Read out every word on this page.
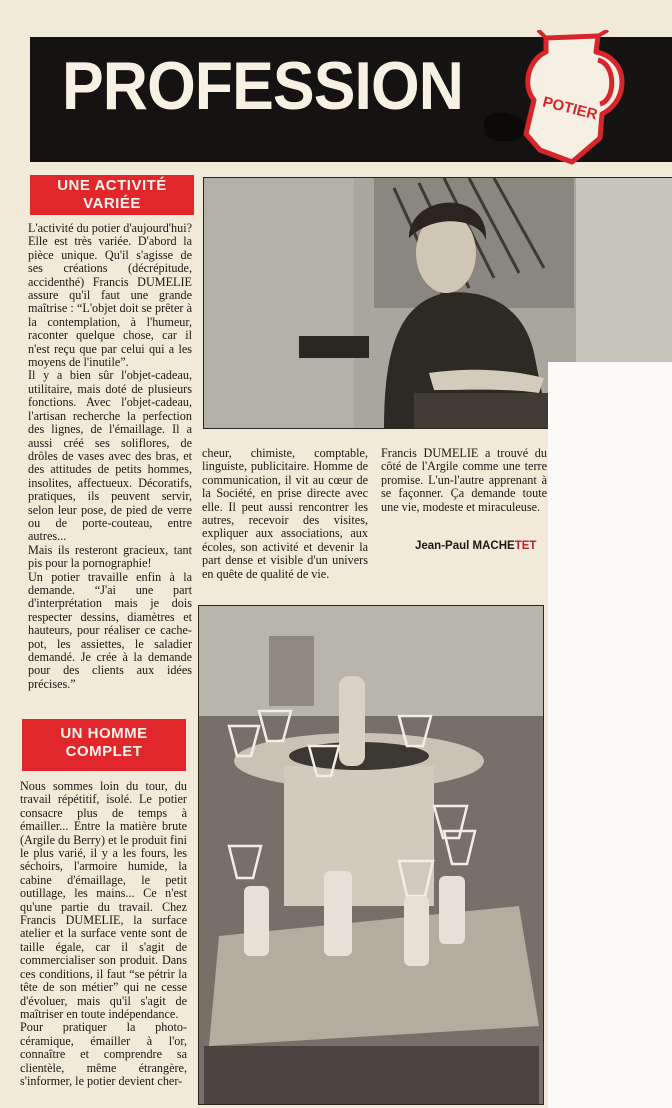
PROFESSION	POTIER
UNE ACTIVITÉ
VARIÉE

L'activité du potier d'aujourd'hui? Elle est très variée. D'abord la pièce unique. Qu'il s'agisse de ses créations (décrépitude, accidenthé) Francis DUMELIE assure qu'il faut une grande maîtrise : “L'objet doit se prêter à la contemplation, à l'humeur, raconter quelque chose, car il n'est reçu que par celui qui a les moyens de l'inutile”.

Il y a bien sûr l'objet-cadeau, utilitaire, mais doté de plusieurs fonctions. Avec l'objet-cadeau, l'artisan recherche la perfection des lignes, de l'émaillage. Il a aussi créé ses soliflores, de drôles de vases avec des bras, et des attitudes de petits hommes, insolites, affectueux. Décoratifs, pratiques, ils peuvent servir, selon leur pose, de pied de verre ou de porte-couteau, entre autres...

Mais ils resteront gracieux, tant pis pour la pornographie!

Un potier travaille enfin à la demande. “J'ai une part d'interprétation mais je dois respecter dessins, diamètres et hauteurs, pour réaliser ce cache-pot, les assiettes, le saladier demandé. Je crée à la demande pour des clients aux idées précises.”

UN HOMME
COMPLET

Nous sommes loin du tour, du travail répétitif, isolé. Le potier consacre plus de temps à émailler... Entre la matière brute (Argile du Berry) et le produit fini le plus varié, il y a les fours, les séchoirs, l'armoire humide, la cabine d'émaillage, le petit outillage, les mains... Ce n'est qu'une partie du travail. Chez Francis DUMELIE, la surface atelier et la surface vente sont de taille égale, car il s'agit de commercialiser son produit. Dans ces conditions, il faut “se pétrir la tête de son métier” qui ne cesse d'évoluer, mais qu'il s'agit de maîtriser en toute indépendance.

Pour pratiquer la photo-céramique, émailler à l'or, connaître et comprendre sa clientèle, même étrangère, s'informer, le potier devient cher-

cheur, chimiste, comptable, linguiste, publicitaire. Homme de communication, il vit au cœur de la Société, en prise directe avec elle. Il peut aussi rencontrer les autres, recevoir des visites, expliquer aux associations, aux écoles, son activité et devenir la part dense et visible d'un univers en quête de qualité de vie.

Francis DUMELIE a trouvé du côté de l'Argile comme une terre promise. L'un-l'autre apprenant à se façonner. Ça demande toute une vie, modeste et miraculeuse.

Jean-Paul MACHETET
